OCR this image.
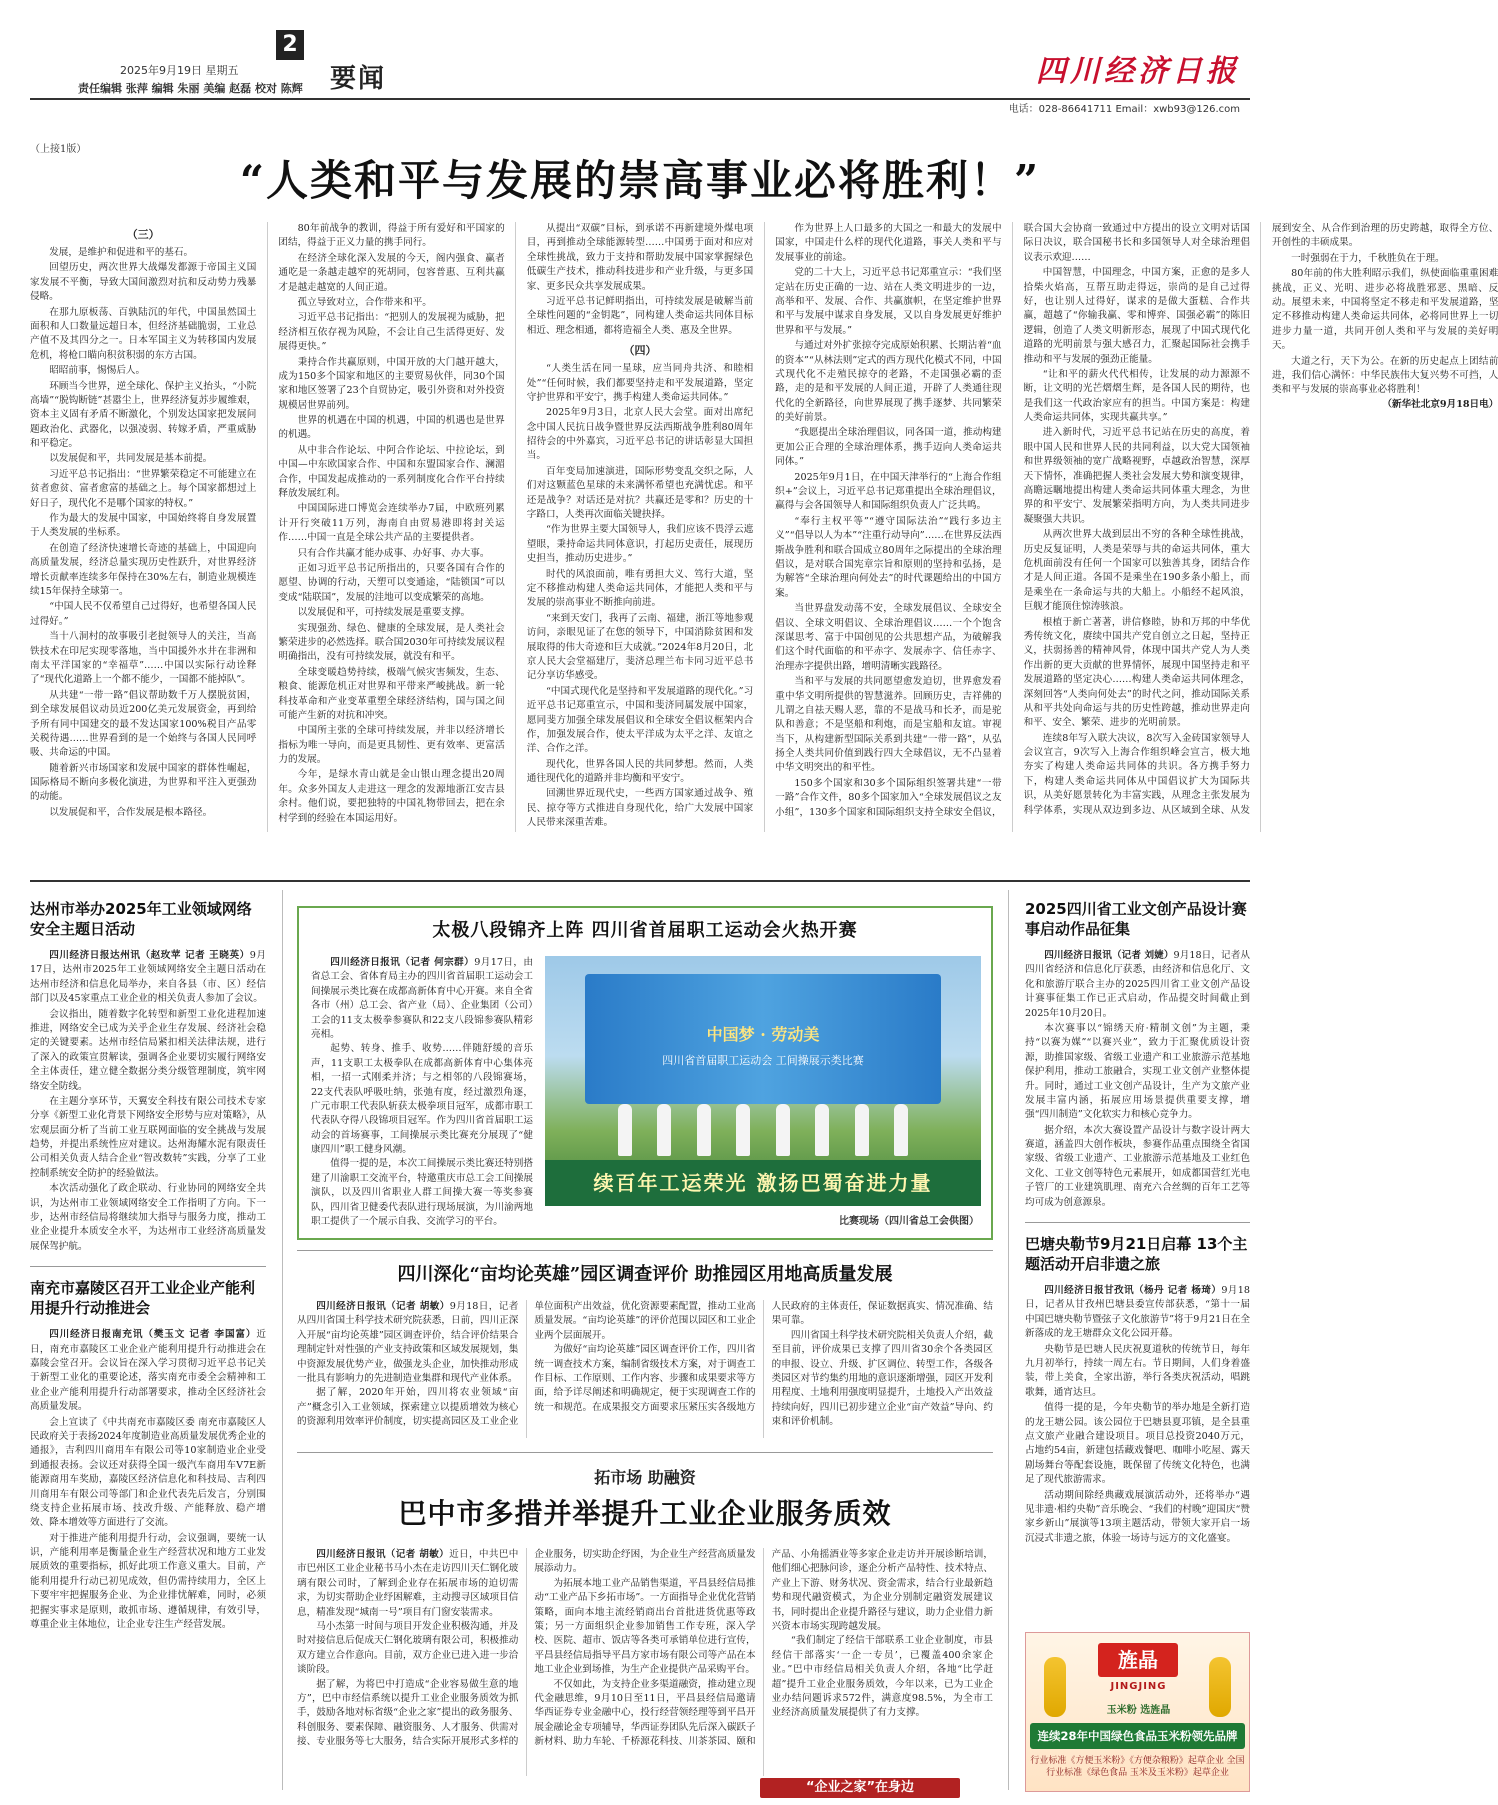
2
2025年9月19日 星期五
责任编辑 张萍 编辑 朱丽 美编 赵磊 校对 陈辉 要闻	四川经济日报
电话：028-86641711 Email：xwb93@126.com
（上接1版）
“人类和平与发展的崇高事业必将胜利！”
（三）

发展，是维护和促进和平的基石。

回望历史，两次世界大战爆发都源于帝国主义国家发展不平衡，导致大国间激烈对抗和反动势力残暴侵略。

在那九原板荡、百孰陆沉的年代，中国虽然国土面积和人口数量远超日本，但经济基础脆弱，工业总产值不及其四分之一。日本军国主义为转移国内发展危机，将枪口瞄向积贫积弱的东方古国。

昭昭前事，惕惕后人。

环顾当今世界，逆全球化、保护主义抬头，“小院高墙”“脱钩断链”甚嚣尘上，世界经济复苏步履维艰，资本主义固有矛盾不断激化，个别发达国家把发展问题政治化、武器化，以强凌弱、转嫁矛盾，严重威胁和平稳定。

以发展促和平，共同发展是基本前提。

习近平总书记指出：“世界繁荣稳定不可能建立在贫者愈贫、富者愈富的基础之上。每个国家都想过上好日子，现代化不是哪个国家的特权。”

作为最大的发展中国家，中国始终将自身发展置于人类发展的坐标系。

在创造了经济快速增长奇迹的基础上，中国迎向高质量发展，经济总量实现历史性跃升，对世界经济增长贡献率连续多年保持在30%左右，制造业规模连续15年保持全球第一。

“中国人民不仅希望自己过得好，也希望各国人民过得好。”

当十八洞村的故事吸引老挝领导人的关注，当高铁技术在印尼实现零落地，当中国援外水井在非洲和南太平洋国家的“幸福草”……中国以实际行动诠释了“现代化道路上一个都不能少，一国都不能掉队”。

从共建“一带一路”倡议帮助数千万人摆脱贫困，到全球发展倡议动员近200亿美元发展资金，再到给予所有同中国建交的最不发达国家100%税目产品零关税待遇……世界看到的是一个始终与各国人民同呼吸、共命运的中国。

随着新兴市场国家和发展中国家的群体性崛起，国际格局不断向多极化演进，为世界和平注入更强劲的动能。

以发展促和平，合作发展是根本路径。

80年前战争的教训，得益于所有爱好和平国家的团结，得益于正义力量的携手同行。

在经济全球化深入发展的今天，阁内强食、赢者通吃是一条越走越窄的死胡同，包容普惠、互利共赢才是越走越宽的人间正道。

孤立导致对立，合作带来和平。

习近平总书记指出：“把别人的发展视为威胁，把经济相互依存视为风险，不会让自己生活得更好、发展得更快。”

秉持合作共赢原则，中国开放的大门越开越大，成为150多个国家和地区的主要贸易伙伴，同30个国家和地区签署了23个自贸协定，吸引外资和对外投资规模居世界前列。

世界的机遇在中国的机遇，中国的机遇也是世界的机遇。

从中非合作论坛、中阿合作论坛、中拉论坛，到中国—中东欧国家合作、中国和东盟国家合作、澜湄合作，中国发起成推动的一系列制度化合作平台持续释放发展红利。

中国国际进口博览会连续举办7届，中欧班列累计开行突破11万列，海南自由贸易港即将封关运作……中国一直是全球公共产品的主要提供者。

只有合作共赢才能办成事、办好事、办大事。

正如习近平总书记所指出的，只要各国有合作的愿望、协调的行动，天塑可以变通途，“陆锁国”可以变成“陆联国”，发展的洼地可以变成繁荣的高地。

以发展促和平，可持续发展是重要支撑。

实现强劲、绿色、健康的全球发展，是人类社会繁荣进步的必然选择。联合国2030年可持续发展议程明确指出，没有可持续发展，就没有和平。

全球变暖趋势持续，极端气候灾害频发，生态、粮食、能源危机正对世界和平带来严峻挑战。新一轮科技革命和产业变革重塑全球经济结构，国与国之间可能产生新的对抗和冲突。

中国所主张的全球可持续发展，并非以经济增长指标为唯一导向，而是更具韧性、更有效率、更富活力的发展。

今年，是绿水青山就是金山银山理念提出20周年。众多外国友人走进这一理念的发源地浙江安吉县余村。他们说，要把独特的中国礼物带回去，把在余村学到的经验在本国运用好。

从提出“双碳”目标，到承诺不再新建境外煤电项目，再到推动全球能源转型……中国勇于面对和应对全球性挑战，致力于支持和帮助发展中国家掌握绿色低碳生产技术，推动科技进步和产业升级，与更多国家、更多民众共享发展成果。

习近平总书记鲜明指出，可持续发展是破解当前全球性问题的“金钥匙”，同构建人类命运共同体目标相近、理念相通，都将造福全人类、惠及全世界。

（四）

“人类生活在同一星球，应当同舟共济、和睦相处”“任何时候，我们都要坚持走和平发展道路，坚定守护世界和平安宁，携手构建人类命运共同体。”

2025年9月3日，北京人民大会堂。面对出席纪念中国人民抗日战争暨世界反法西斯战争胜利80周年招待会的中外嘉宾，习近平总书记的讲话彰显大国担当。

百年变局加速演进，国际形势变乱交织之际，人们对这颗蓝色星球的未来满怀希望也充满忧虑。和平还是战争？对话还是对抗？共赢还是零和？历史的十字路口，人类再次面临关键抉择。

“作为世界主要大国领导人，我们应该不畏浮云遮望眼，秉持命运共同体意识，打起历史责任，展现历史担当，推动历史进步。”

时代的风浪面前，唯有勇担大义、笃行大道，坚定不移推动构建人类命运共同体，才能把人类和平与发展的崇高事业不断推向前进。

“来到天安门，我再了云南、福建，浙江等地参观访问，亲眼见证了在您的领导下，中国消除贫困和发展取得的伟大奇迹和巨大成就。”2024年8月20日，北京人民大会堂福建厅，斐济总理兰布卡同习近平总书记分享访华感受。

“中国式现代化是坚持和平发展道路的现代化。”习近平总书记郑重宣示，中国和斐济同属发展中国家，愿同斐方加强全球发展倡议和全球安全倡议框架内合作，加强发展合作，使太平洋成为太平之洋、友谊之洋、合作之洋。

现代化，世界各国人民的共同梦想。然而，人类通往现代化的道路并非均衡和平安宁。

回溯世界近现代史，一些西方国家通过战争、殖民、掠夺等方式推进自身现代化，给广大发展中国家人民带来深重苦难。

作为世界上人口最多的大国之一和最大的发展中国家，中国走什么样的现代化道路，事关人类和平与发展事业的前途。

党的二十大上，习近平总书记郑重宣示：“我们坚定站在历史正确的一边、站在人类文明进步的一边，高举和平、发展、合作、共赢旗帜，在坚定维护世界和平与发展中谋求自身发展，又以自身发展更好维护世界和平与发展。”

与通过对外扩张掠夺完成原始积累、长期沾着“血的资本”“从林法则”定式的西方现代化模式不同，中国式现代化不走殖民掠夺的老路，不走国强必霸的歪路，走的是和平发展的人间正道，开辟了人类通往现代化的全新路径，向世界展现了携手逐梦、共同繁荣的美好前景。

“我愿提出全球治理倡议，同各国一道，推动构建更加公正合理的全球治理体系，携手迈向人类命运共同体。”

2025年9月1日，在中国天津举行的“上海合作组织+”会议上，习近平总书记郑重提出全球治理倡议，赢得与会各国领导人和国际组织负责人广泛共鸣。

“奉行主权平等”“遵守国际法治”“践行多边主义”“倡导以人为本”“注重行动导向”……在世界反法西斯战争胜利和联合国成立80周年之际提出的全球治理倡议，是对联合国宪章宗旨和原则的坚持和弘扬，是为解答“全球治理向何处去”的时代课题给出的中国方案。

当世界盘发动荡不安，全球发展倡议、全球安全倡议、全球文明倡议、全球治理倡议……一个个饱含深谋思考、富于中国创见的公共思想产品，为破解我们这个时代面临的和平赤字、发展赤字、信任赤字、治理赤字提供出路，增明清晰实践路径。

当和平与发展的共同愿望愈发迫切，世界愈发看重中华文明所提供的智慧滋养。回顾历史，吉祥佛的儿谓之自祛天赐人恶，靠的不是战马和长矛，而是驼队和善意；不是坚船和利炮，而是宝船和友谊。审视当下，从构建新型国际关系到共建“一带一路”，从弘扬全人类共同价值到践行四大全球倡议，无不凸显着中华文明突出的和平性。

150多个国家和30多个国际组织签署共建“一带一路”合作文件，80多个国家加入“全球发展倡议之友小组”，130多个国家和国际组织支持全球安全倡议，联合国大会协商一致通过中方提出的设立文明对话国际日决议，联合国秘书长和多国领导人对全球治理倡议表示欢迎……

中国智慧，中国理念，中国方案，正愈的是多人拾柴火焰高，互帮互助走得远，崇尚的是自己过得好，也让别人过得好，谋求的是做大蛋糕、合作共赢，超越了“你输我赢、零和博弈、国强必霸”的陈旧逻辑，创造了人类文明新形态，展现了中国式现代化道路的光明前景与强大感召力，汇聚起国际社会携手推动和平与发展的强劲正能量。

“让和平的薪火代代相传，让发展的动力源源不断，让文明的光芒熠熠生辉，是各国人民的期待，也是我们这一代政治家应有的担当。中国方案是：构建人类命运共同体，实现共赢共享。”

进入新时代，习近平总书记站在历史的高度，着眼中国人民和世界人民的共同利益，以大党大国领袖和世界级领袖的宽广战略视野，卓越政治智慧，深厚天下情怀，准确把握人类社会发展大势和演变规律，高瞻远瞩地提出构建人类命运共同体重大理念，为世界的和平安宁、发展繁荣指明方向，为人类共同进步凝聚强大共识。

从两次世界大战到层出不穷的各种全球性挑战，历史反复证明，人类是荣辱与共的命运共同体，重大危机面前没有任何一个国家可以独善其身，团结合作才是人间正道。各国不是乘坐在190多条小船上，而是乘坐在一条命运与共的大船上。小船经不起风浪，巨舰才能顶住惊涛骇浪。

根植于新亡著著，讲信修睦，协和万邦的中华优秀传统文化，赓续中国共产党自创立之日起，坚持正义，扶弱扬善的精神风骨，体现中国共产党人为人类作出新的更大贡献的世界情怀，展现中国坚持走和平发展道路的坚定决心……构建人类命运共同体理念，深刻回答“人类向何处去”的时代之问，推动国际关系从和平共处向命运与共的历史性跨越，推动世界走向和平、安全、繁荣、进步的光明前景。

连续8年写入联大决议，8次写入金砖国家领导人会议宣言，9次写入上海合作组织峰会宣言，极大地夯实了构建人类命运共同体的共识。各方携手努力下，构建人类命运共同体从中国倡议扩大为国际共识，从美好愿景转化为丰富实践，从理念主张发展为科学体系，实现从双边到多边、从区域到全球、从发展到安全、从合作到治理的历史跨越，取得全方位、开创性的丰硕成果。

一时强弱在于力，千秋胜负在于理。

80年前的伟大胜利昭示我们，纵使面临重重困难挑战，正义、光明、进步必将战胜邪恶、黑暗、反动。展望未来，中国将坚定不移走和平发展道路，坚定不移推动构建人类命运共同体，必将同世界上一切进步力量一道，共同开创人类和平与发展的美好明天。

大道之行，天下为公。在新的历史起点上团结前进，我们信心满怀：中华民族伟大复兴势不可挡，人类和平与发展的崇高事业必将胜利！

（新华社北京9月18日电）

达州市举办2025年工业领域网络安全主题日活动

四川经济日报达州讯（赵玫苹 记者 王晓英）9月17日，达州市2025年工业领域网络安全主题日活动在达州市经济和信息化局举办，来自各县（市、区）经信部门以及45家重点工业企业的相关负责人参加了会议。

会议指出，随着数字化转型和新型工业化进程加速推进，网络安全已成为关乎企业生存发展、经济社会稳定的关键要素。达州市经信局紧扣相关法律法规，进行了深入的政策宣贯解读，强调各企业要切实履行网络安全主体责任，建立健全数据分类分级管理制度，筑牢网络安全防线。

在主题分享环节，天翼安全科技有限公司技术专家分享《新型工业化背景下网络安全形势与应对策略》，从宏观层面分析了当前工业互联网面临的安全挑战与发展趋势，并提出系统性应对建议。达州海耀水泥有限责任公司相关负责人结合企业“智改数转”实践，分享了工业控制系统安全防护的经验做法。

本次活动强化了政企联动、行业协同的网络安全共识，为达州市工业领域网络安全工作指明了方向。下一步，达州市经信局将继续加大指导与服务力度，推动工业企业提升本质安全水平，为达州市工业经济高质量发展保驾护航。

南充市嘉陵区召开工业企业产能利用提升行动推进会

四川经济日报南充讯（樊玉文 记者 李国富）近日，南充市嘉陵区工业企业产能利用提升行动推进会在嘉陵会堂召开。会议旨在深入学习贯彻习近平总书记关于新型工业化的重要论述，落实南充市委全会精神和工业企业产能利用提升行动部署要求，推动全区经济社会高质量发展。

会上宣读了《中共南充市嘉陵区委 南充市嘉陵区人民政府关于表扬2024年度制造业高质量发展优秀企业的通报》，吉利四川商用车有限公司等10家制造业企业受到通报表扬。会议还对获得全国一级汽车商用车V7E新能源商用车奖励，嘉陵区经济信息化和科技局、吉利四川商用车有限公司等部门和企业代表先后发言，分别围绕支持企业拓展市场、技改升级、产能释放、稳产增效、降本增效等方面进行了交流。

对于推进产能利用提升行动，会议强调，要统一认识，产能利用率是衡量企业生产经营状况和地方工业发展质效的重要指标，抓好此项工作意义重大。目前，产能利用提升行动已初见成效，但仍需持续用力，全区上下要牢牢把握服务企业、为企业排忧解难，同时，必须把握实事求是原则，敢抓市场、遵循规律，有效引导，尊重企业主体地位，让企业专注生产经营发展。

太极八段锦齐上阵 四川省首届职工运动会火热开赛

四川经济日报讯（记者 何宗群）9月17日，由省总工会、省体育局主办的四川省首届职工运动会工间操展示类比赛在成都高新体育中心开赛。来自全省各市（州）总工会、省产业（局）、企业集团（公司）工会的11支太极拳参赛队和22支八段锦参赛队精彩亮相。

起势、转身、推手、收势……伴随舒缓的音乐声，11支职工太极拳队在成都高新体育中心集体亮相，一招一式刚柔并济；与之相邻的八段锦赛场，22支代表队呼吸吐纳，张弛有度，经过激烈角逐，广元市职工代表队斩获太极拳项目冠军，成都市职工代表队夺得八段锦项目冠军。作为四川省首届职工运动会的首场赛事，工间操展示类比赛充分展现了“健康四川”职工健身风潮。

值得一提的是，本次工间操展示类比赛还特别搭建了川渝职工交流平台，特邀重庆市总工会工间操展演队，以及四川省职业人群工间操大赛一等奖参赛队，四川省卫健委代表队进行现场展演，为川渝两地职工提供了一个展示自我、交流学习的平台。

中国梦 · 劳动美
四川省首届职工运动会 工间操展示类比赛
续百年工运荣光 激扬巴蜀奋进力量
比赛现场（四川省总工会供图）
四川深化“亩均论英雄”园区调查评价 助推园区用地高质量发展

四川经济日报讯（记者 胡敏）9月18日，记者从四川省国土科学技术研究院获悉，日前，四川正深入开展“亩均论英雄”园区调查评价，结合评价结果合理制定针对性强的产业支持政策和区域发展规划，集中资源发展优势产业，做强龙头企业，加快推动形成一批具有影响力的先进制造业集群和现代产业体系。

据了解，2020年开始，四川将农业领域“亩产”概念引入工业领域，探索建立以提质增效为核心的资源利用效率评价制度，切实提高园区及工业企业单位面积产出效益，优化资源要素配置，推动工业高质量发展。“亩均论英雄”的评价范围以园区和工业企业两个层面展开。

为做好“亩均论英雄”园区调查评价工作，四川省统一调查技术方案，编制省级技术方案，对于调查工作目标、工作原则、工作内容、步骤和成果要求等方面，给予详尽阐述和明确规定，便于实现调查工作的统一和规范。在成果报交方面要求压紧压实各级地方人民政府的主体责任，保证数据真实、情况准确、结果可靠。

四川省国土科学技术研究院相关负责人介绍，截至目前，评价成果已支撑了四川省30余个各类园区的申报、设立、升级、扩区调位、转型工作，各级各类园区对节约集约用地的意识逐渐增强，园区开发利用程度、土地利用强度明显提升，土地投入产出效益持续向好，四川已初步建立企业“亩产效益”导向、约束和评价机制。

拓市场 助融资
巴中市多措并举提升工业企业服务质效

四川经济日报讯（记者 胡敏）近日，中共巴中市巴州区工业企业秘书马小杰在走访四川天仁钢化玻璃有限公司时，了解到企业存在拓展市场的迫切需求，为切实帮助企业纾困解难，主动搜寻区域项目信息，精准发现“城南一号”项目有门窗安装需求。

马小杰第一时间与项目开发企业积极沟通，并及时对接信息后促成天仁钢化玻璃有限公司，积极推动双方建立合作意向。目前，双方企业已进入进一步洽谈阶段。

据了解，为将巴中打造成“企业容易做生意的地方”，巴中市经信系统以提升工业企业服务质效为抓手，鼓励各地对标省级“企业之家”提出的政务服务、科创服务、要素保障、融资服务、人才服务、供需对接、专业服务等七大服务，结合实际开展形式多样的企业服务，切实助企纾困，为企业生产经营高质量发展添动力。

为拓展本地工业产品销售渠道，平昌县经信局推动“工业产品下乡拓市场”。一方面指导企业优化营销策略，面向本地主流经销商出台首批进货优惠等政策；另一方面组织企业参加销售工作专班，深入学校、医院、超市、饭店等各类可承销单位进行宣传，平昌县经信局指导平昌方家市场有限公司等产品在本地工业企业到场推，为生产企业提供产品采购平台。

不仅如此，为支持企业多渠道融资，推动建立现代金融思维，9月10日至11日，平昌县经信局邀请华西证券专业金融中心，投行经营领经理等到平昌开展金融论金专项辅导，华西证券团队先后深入碳跃子新材料、助力车轮、千桥源花科技、川茶茶园、颐和产品、小角摇酒业等多家企业走访并开展诊断培训，他们细心把脉问诊，逐企分析产品特性、技术特点、产业上下游、财务状况、资金需求，结合行业最新趋势和现代融资模式，为企业分别制定融资发展建议书，同时提出企业提升路径与建议，助力企业借力新兴资本市场实现跨越发展。

“我们制定了经信干部联系工业企业制度，市县经信干部落实‘一企一专员’，已覆盖400余家企业。”巴中市经信局相关负责人介绍，各地“比学赶超”提升工业企业服务质效，今年以来，已为工业企业办结问题诉求572件，满意度98.5%，为全市工业经济高质量发展提供了有力支撑。

“企业之家”在身边
2025四川省工业文创产品设计赛事启动作品征集

四川经济日报讯（记者 刘婕）9月18日，记者从四川省经济和信息化厅获悉，由经济和信息化厅、文化和旅游厅联合主办的2025四川省工业文创产品设计赛事征集工作已正式启动，作品提交时间截止到2025年10月20日。

本次赛事以“锦绣天府·精制文创”为主题，秉持“以赛为媒”“以赛兴业”，致力于汇聚优质设计资源，助推国家级、省级工业遗产和工业旅游示范基地保护利用，推动工旅融合，实现工业文创产业整体提升。同时，通过工业文创产品设计，生产为文旅产业发展丰富内涵，拓展应用场景提供重要支撑，增强“四川制造”文化软实力和核心竞争力。

据介绍，本次大赛设置产品设计与数字设计两大赛道，涵盖四大创作板块，参赛作品重点围绕全省国家级、省级工业遗产、工业旅游示范基地及工业红色文化、工业文创等特色元素展开，如成都国营红光电子管厂的工业建筑肌理、南充六合丝绸的百年工艺等均可成为创意源泉。

巴塘央勒节9月21日启幕 13个主题活动开启非遗之旅

四川经济日报甘孜讯（杨丹 记者 杨琦）9月18日，记者从甘孜州巴塘县委宣传部获悉，“第十一届中国巴塘央勒节暨弦子文化旅游节”将于9月21日在全新落成的龙王塘群众文化公园开幕。

央勒节是巴塘人民庆祝夏道秋的传统节日，每年九月初举行，持续一周左右。节日期间，人们身着盛装，带上美食，全家出游，举行各类庆祝活动，唱跳歌舞，通宵达旦。

值得一提的是，今年央勒节的举办地是全新打造的龙王塘公园。该公园位于巴塘县夏邛镇，是全县重点文旅产业融合建设项目。项目总投资2040万元，占地约54亩，新建包括藏戏餐吧、咖啡小吃屋、露天剧场舞台等配套设施，既保留了传统文化特色，也满足了现代旅游需求。

活动期间除经典藏戏展演活动外，还将举办“遇见非遗·相约央勒”音乐晚会、“我们的村晚”迎国庆“赞家乡新山”展演等13项主题活动，带领大家开启一场沉浸式非遗之旅，体验一场诗与远方的文化盛宴。

旌晶
JINGJING
玉米粉 选旌晶
连续28年中国绿色食品玉米粉领先品牌
行业标准《方便玉米粉》《方便杂粮粉》起草企业 全国行业标准《绿色食品 玉米及玉米粉》起草企业
